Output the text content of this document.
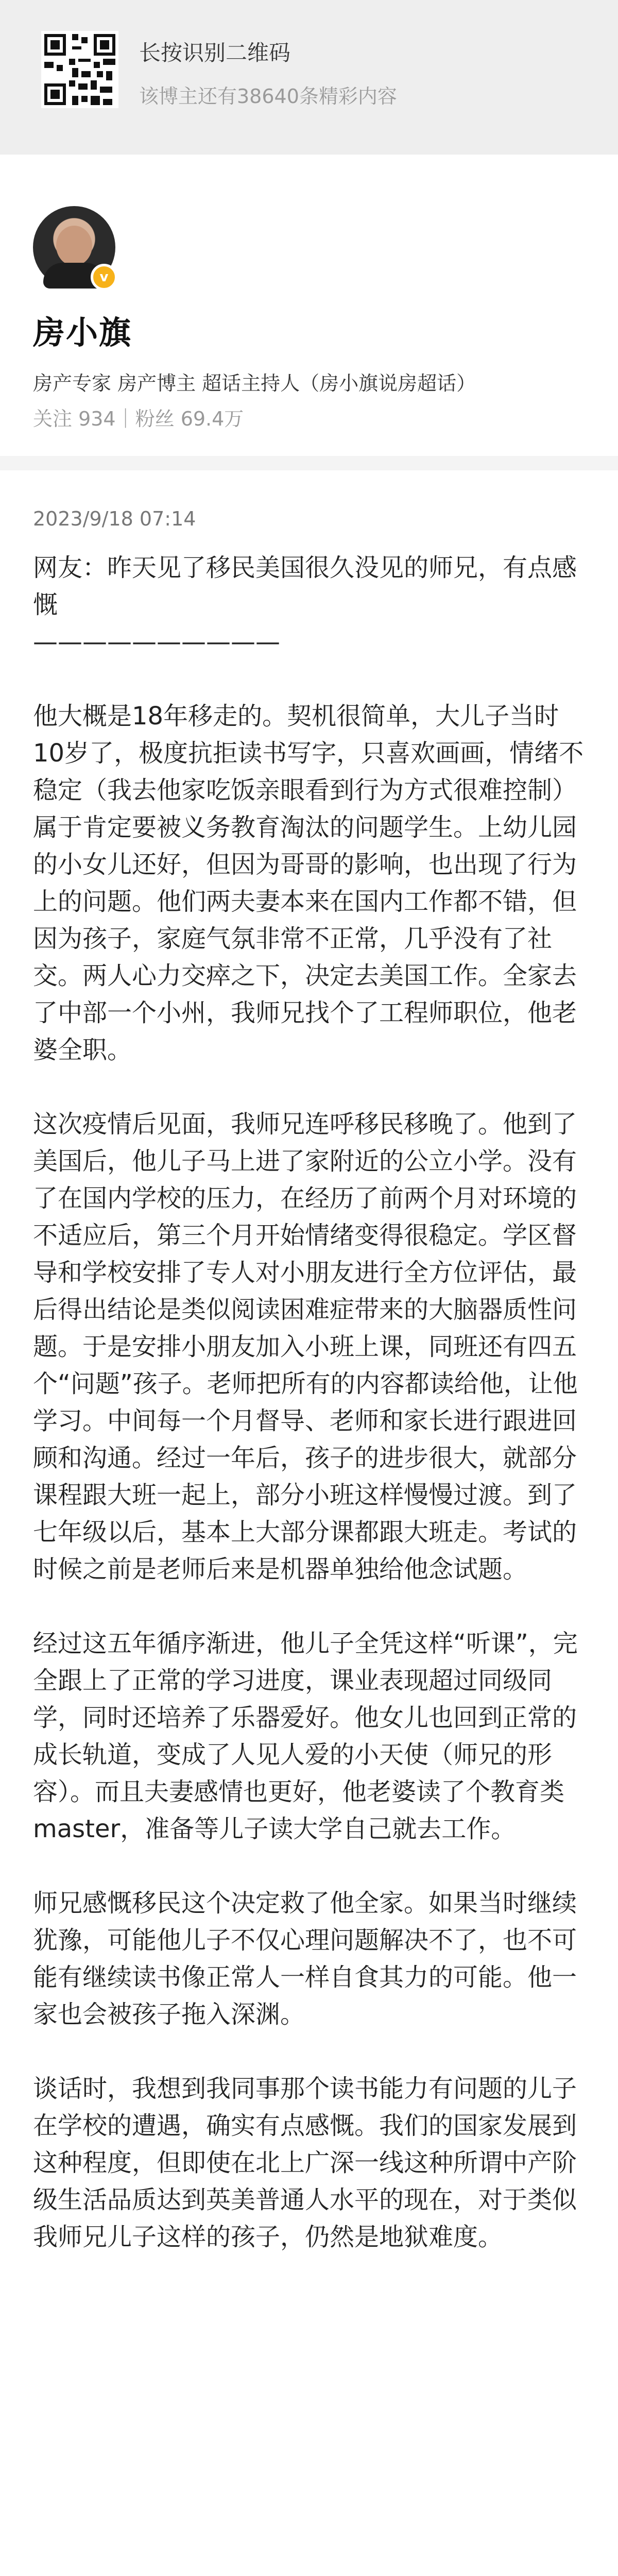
长按识别二维码
该博主还有38640条精彩内容
v
房小旗
房产专家 房产博主 超话主持人（房小旗说房超话）
关注 934｜粉丝 69.4万
2023/9/18 07:14

网友：昨天见了移民美国很久没见的师兄，有点感慨

——————————

他大概是18年移走的。契机很简单，大儿子当时10岁了，极度抗拒读书写字，只喜欢画画，情绪不稳定（我去他家吃饭亲眼看到行为方式很难控制）属于肯定要被义务教育淘汰的问题学生。上幼儿园的小女儿还好，但因为哥哥的影响，也出现了行为上的问题。他们两夫妻本来在国内工作都不错，但因为孩子，家庭气氛非常不正常，几乎没有了社交。两人心力交瘁之下，决定去美国工作。全家去了中部一个小州，我师兄找个了工程师职位，他老婆全职。

这次疫情后见面，我师兄连呼移民移晚了。他到了美国后，他儿子马上进了家附近的公立小学。没有了在国内学校的压力，在经历了前两个月对环境的不适应后，第三个月开始情绪变得很稳定。学区督导和学校安排了专人对小朋友进行全方位评估，最后得出结论是类似阅读困难症带来的大脑器质性问题。于是安排小朋友加入小班上课，同班还有四五个“问题”孩子。老师把所有的内容都读给他，让他学习。中间每一个月督导、老师和家长进行跟进回顾和沟通。经过一年后，孩子的进步很大，就部分课程跟大班一起上，部分小班这样慢慢过渡。到了七年级以后，基本上大部分课都跟大班走。考试的时候之前是老师后来是机器单独给他念试题。

经过这五年循序渐进，他儿子全凭这样“听课”，完全跟上了正常的学习进度，课业表现超过同级同学，同时还培养了乐器爱好。他女儿也回到正常的成长轨道，变成了人见人爱的小天使（师兄的形容）。而且夫妻感情也更好，他老婆读了个教育类master，准备等儿子读大学自己就去工作。

师兄感慨移民这个决定救了他全家。如果当时继续犹豫，可能他儿子不仅心理问题解决不了，也不可能有继续读书像正常人一样自食其力的可能。他一家也会被孩子拖入深渊。

谈话时，我想到我同事那个读书能力有问题的儿子在学校的遭遇，确实有点感慨。我们的国家发展到这种程度，但即使在北上广深一线这种所谓中产阶级生活品质达到英美普通人水平的现在，对于类似我师兄儿子这样的孩子，仍然是地狱难度。
